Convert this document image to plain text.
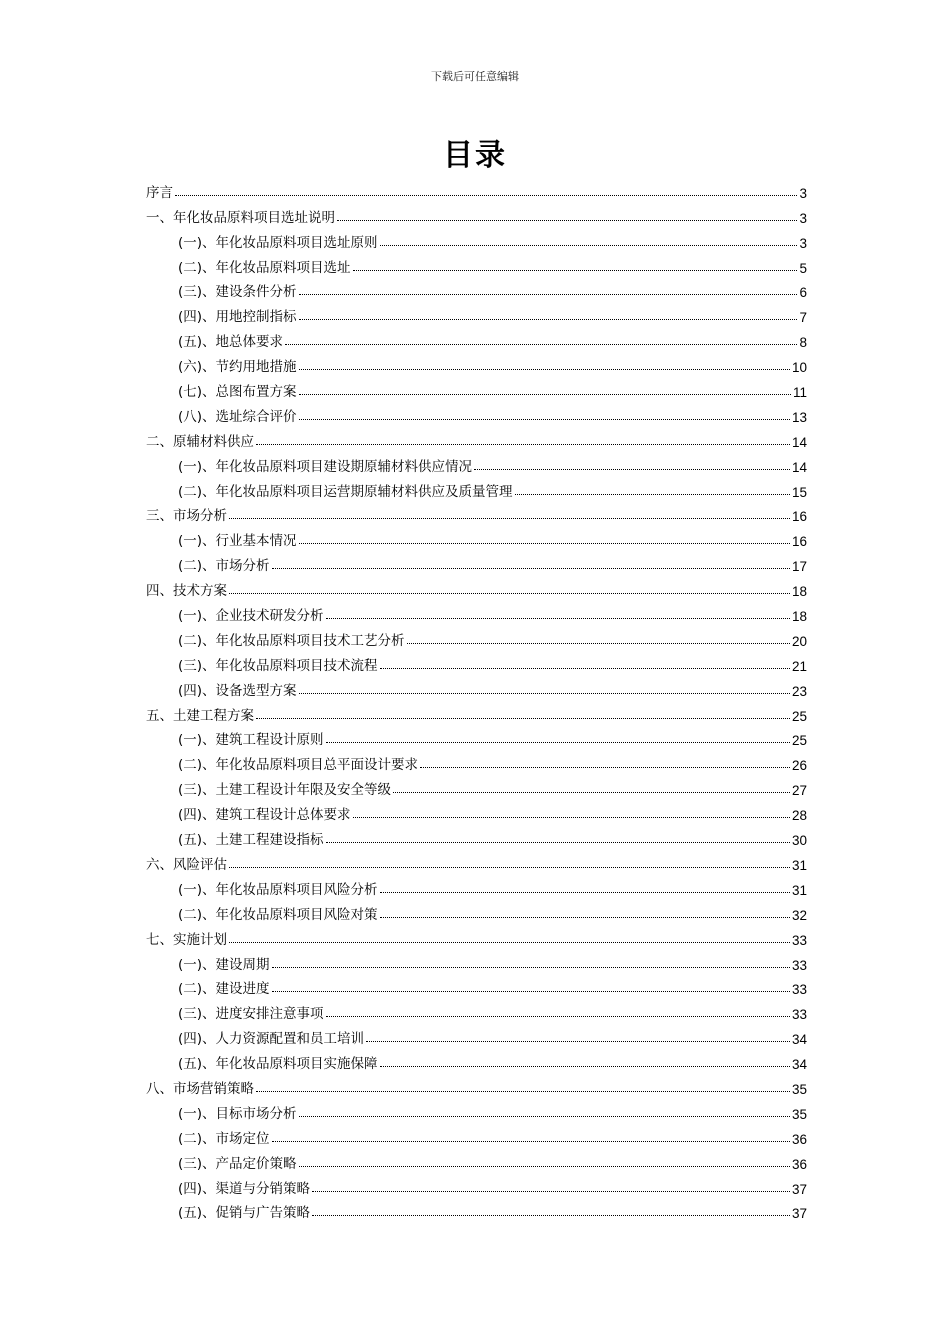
下载后可任意编辑
目录
序言	3
一、年化妆品原料项目选址说明	3
(一)、年化妆品原料项目选址原则	3
(二)、年化妆品原料项目选址	5
(三)、建设条件分析	6
(四)、用地控制指标	7
(五)、地总体要求	8
(六)、节约用地措施	10
(七)、总图布置方案	11
(八)、选址综合评价	13
二、原辅材料供应	14
(一)、年化妆品原料项目建设期原辅材料供应情况	14
(二)、年化妆品原料项目运营期原辅材料供应及质量管理	15
三、市场分析	16
(一)、行业基本情况	16
(二)、市场分析	17
四、技术方案	18
(一)、企业技术研发分析	18
(二)、年化妆品原料项目技术工艺分析	20
(三)、年化妆品原料项目技术流程	21
(四)、设备选型方案	23
五、土建工程方案	25
(一)、建筑工程设计原则	25
(二)、年化妆品原料项目总平面设计要求	26
(三)、土建工程设计年限及安全等级	27
(四)、建筑工程设计总体要求	28
(五)、土建工程建设指标	30
六、风险评估	31
(一)、年化妆品原料项目风险分析	31
(二)、年化妆品原料项目风险对策	32
七、实施计划	33
(一)、建设周期	33
(二)、建设进度	33
(三)、进度安排注意事项	33
(四)、人力资源配置和员工培训	34
(五)、年化妆品原料项目实施保障	34
八、市场营销策略	35
(一)、目标市场分析	35
(二)、市场定位	36
(三)、产品定价策略	36
(四)、渠道与分销策略	37
(五)、促销与广告策略	37
